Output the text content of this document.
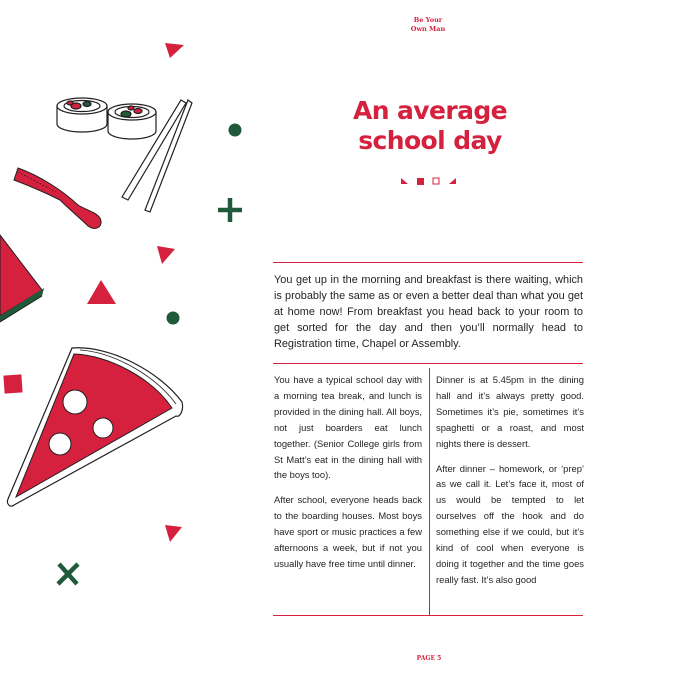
Be Your
Own Man
An average
school day
You get up in the morning and breakfast is there waiting, which is probably the same as or even a better deal than what you get at home now! From breakfast you head back to your room to get sorted for the day and then you’ll normally head to Registration time, Chapel or Assembly.

You have a typical school day with a morning tea break, and lunch is provided in the dining hall. All boys, not just boarders eat lunch together. (Senior College girls from St Matt’s eat in the dining hall with the boys too).

After school, everyone heads back to the boarding houses. Most boys have sport or music practices a few afternoons a week, but if not you usually have free time until dinner.

Dinner is at 5.45pm in the dining hall and it’s always pretty good. Sometimes it’s pie, sometimes it’s spaghetti or a roast, and most nights there is dessert.

After dinner – homework, or ‘prep’ as we call it. Let’s face it, most of us would be tempted to let ourselves off the hook and do something else if we could, but it’s kind of cool when everyone is doing it together and the time goes really fast. It’s also good

PAGE 5
